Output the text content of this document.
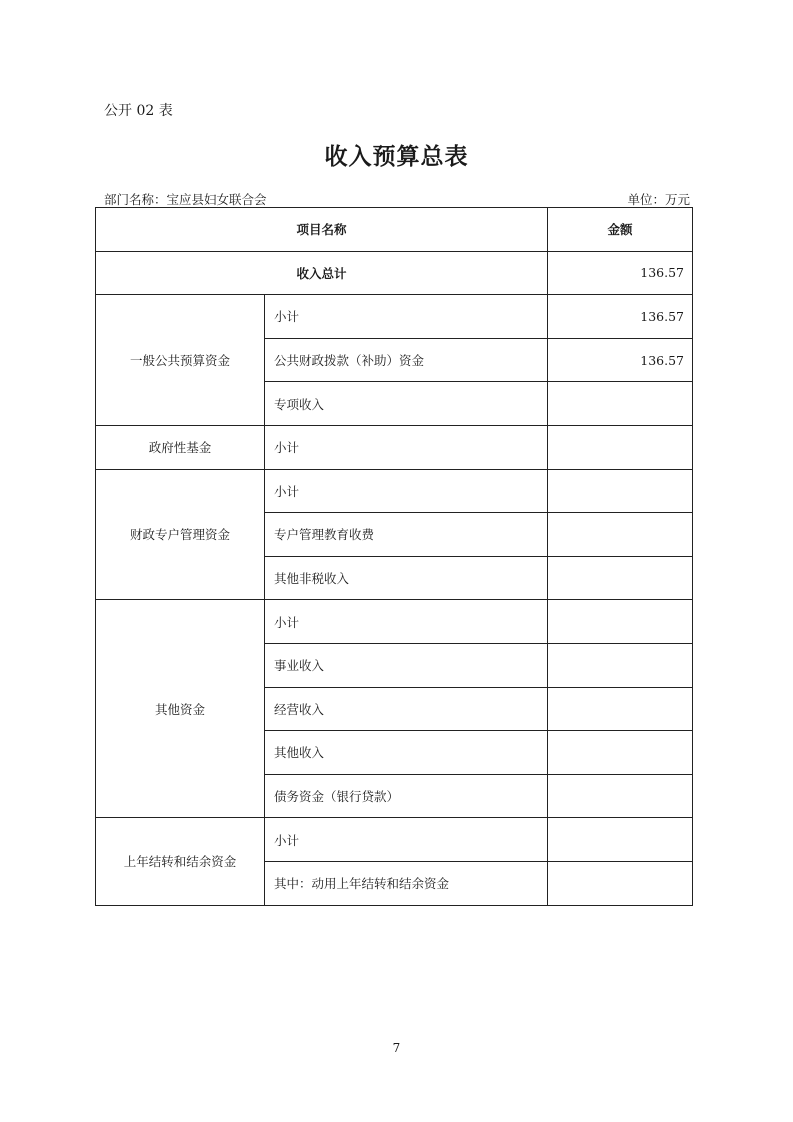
公开 02 表
收入预算总表
部门名称：宝应县妇女联合会	单位：万元
项目名称		金额
收入总计		136.57
一般公共预算资金	小计	136.57
	公共财政拨款（补助）资金	136.57
	专项收入	
政府性基金	小计	
财政专户管理资金	小计	
	专户管理教育收费	
	其他非税收入	
其他资金	小计	
	事业收入	
	经营收入	
	其他收入	
	债务资金（银行贷款）	
上年结转和结余资金	小计	
	其中：动用上年结转和结余资金	
7
